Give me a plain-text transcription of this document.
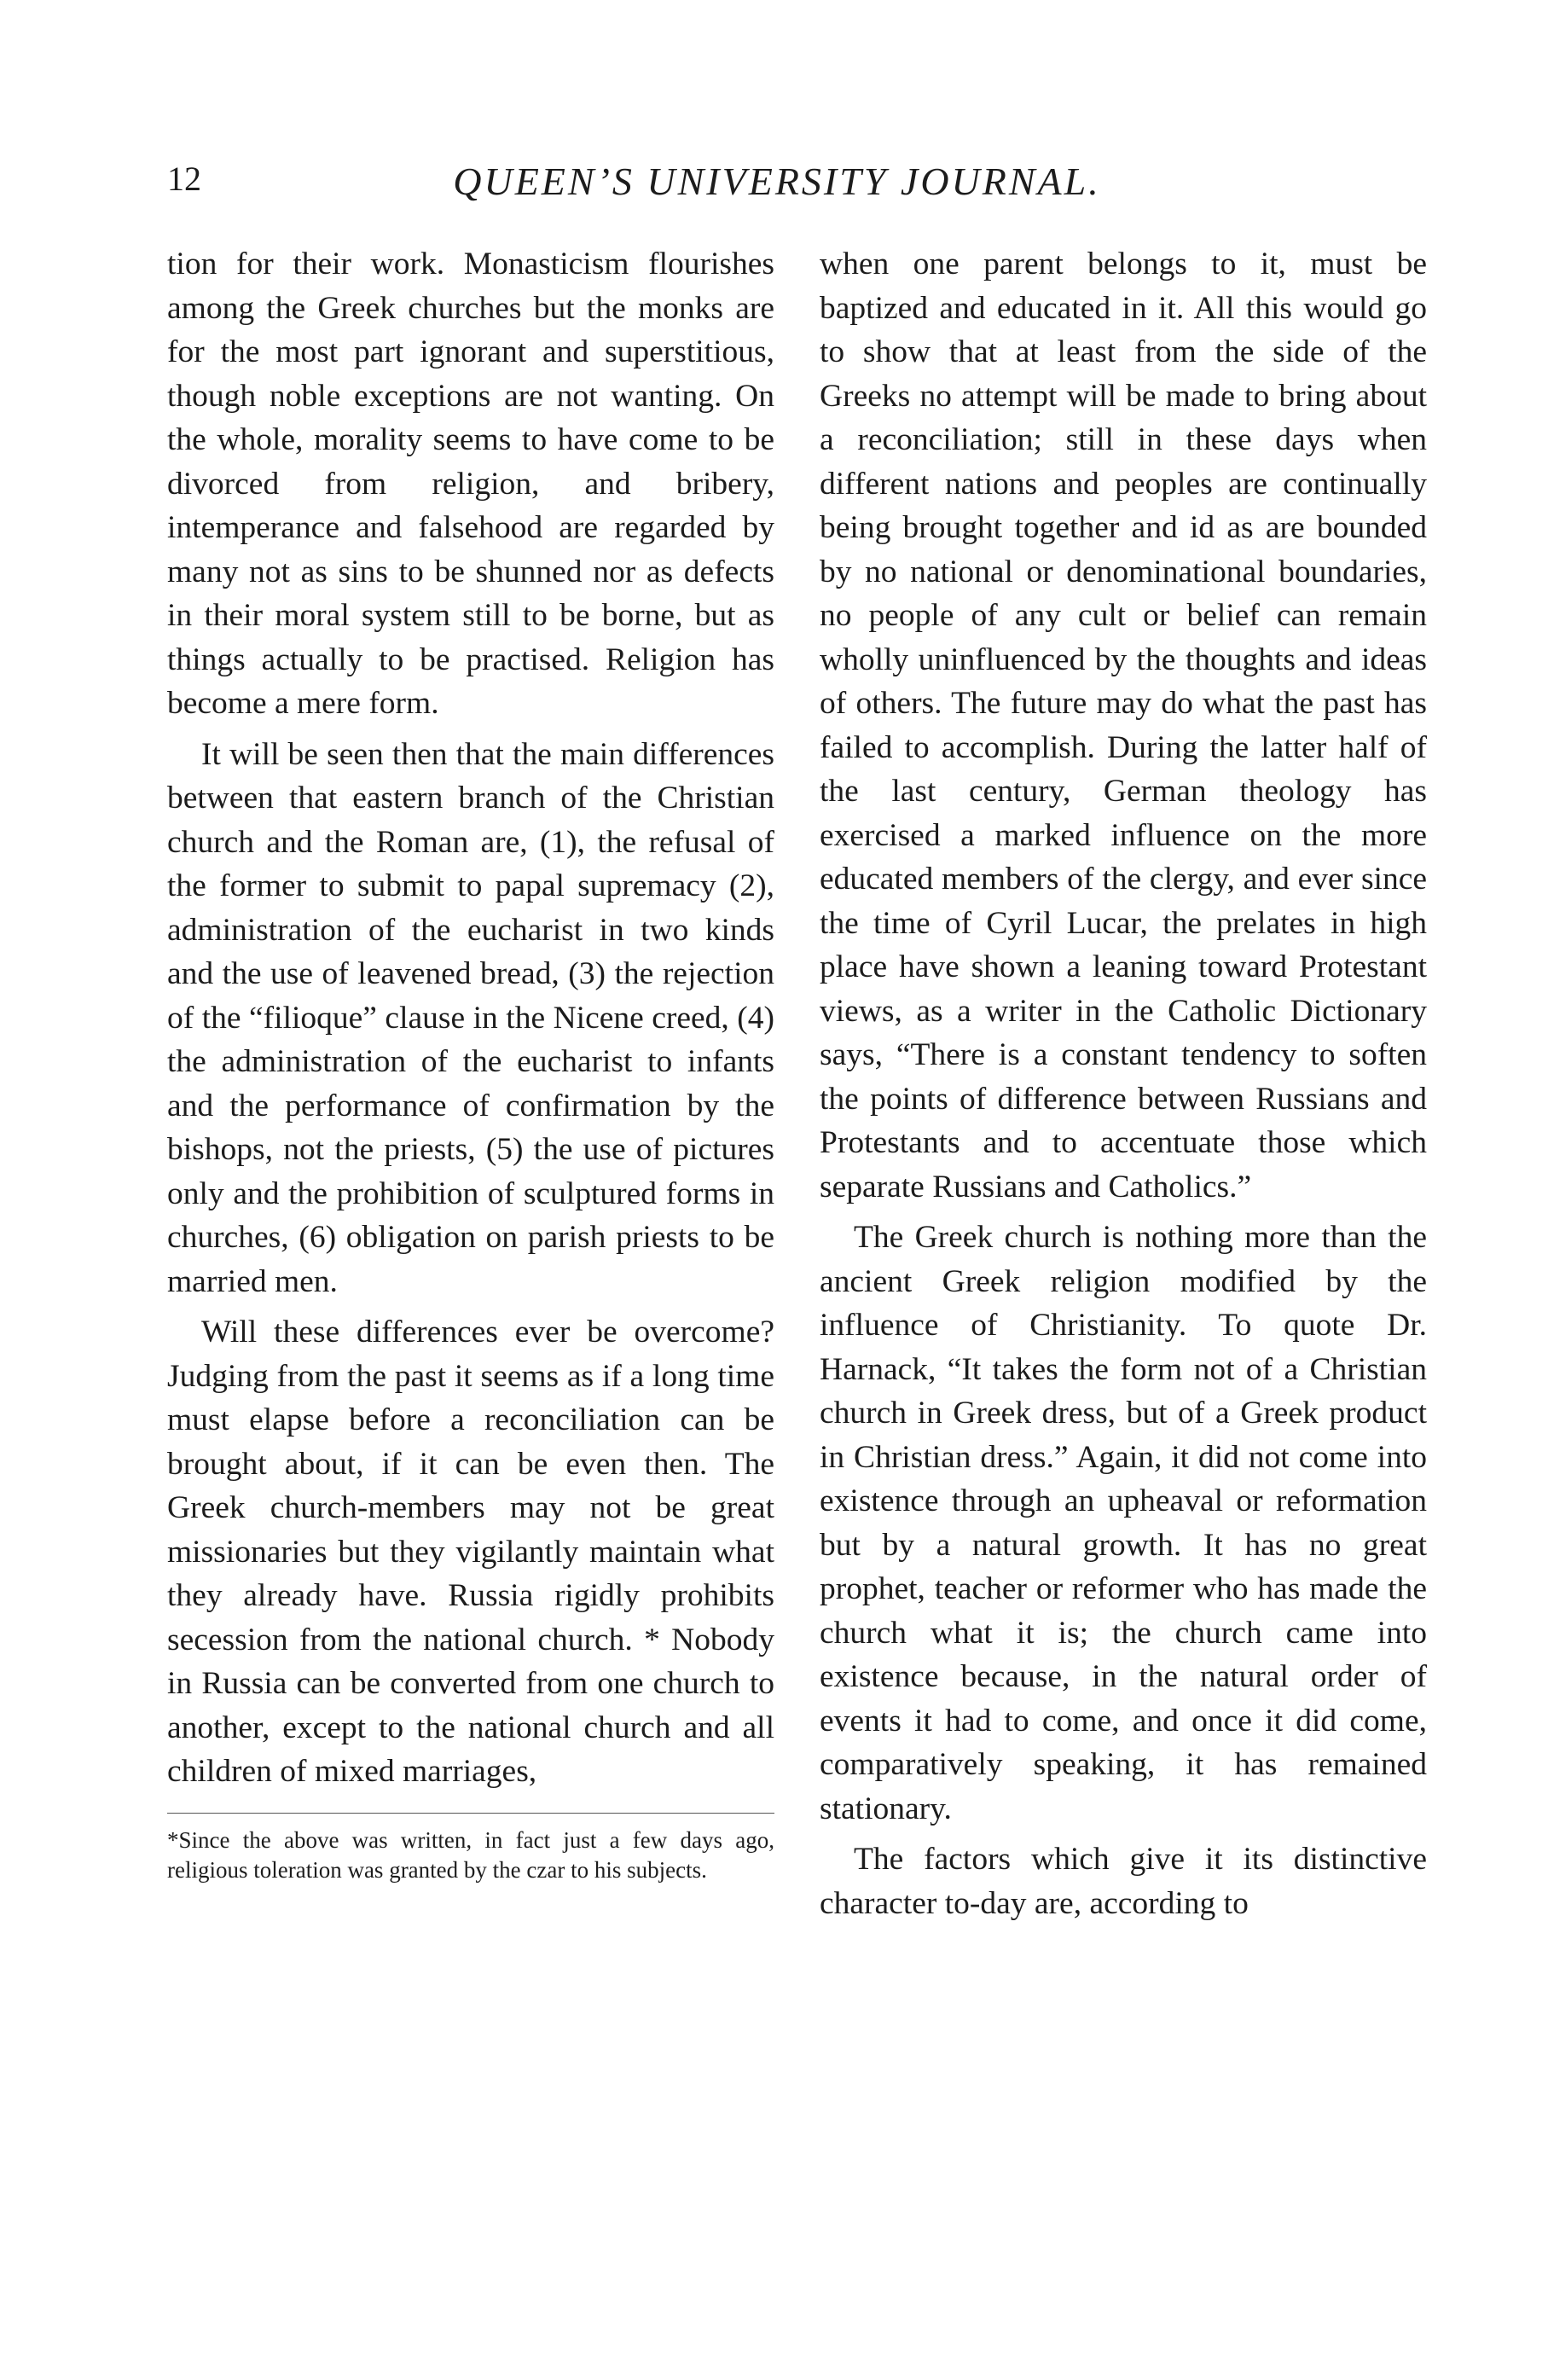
12	QUEEN’S UNIVERSITY JOURNAL.

tion for their work. Monasticism flourishes among the Greek churches but the monks are for the most part ignorant and superstitious, though noble exceptions are not wanting. On the whole, morality seems to have come to be divorced from religion, and bribery, intemperance and falsehood are regarded by many not as sins to be shunned nor as defects in their moral system still to be borne, but as things actually to be practised. Religion has become a mere form.

It will be seen then that the main differences between that eastern branch of the Christian church and the Roman are, (1), the refusal of the former to submit to papal supremacy (2), administration of the eucharist in two kinds and the use of leavened bread, (3) the rejection of the “filioque” clause in the Nicene creed, (4) the administration of the eucharist to infants and the performance of confirmation by the bishops, not the priests, (5) the use of pictures only and the prohibition of sculptured forms in churches, (6) obligation on parish priests to be married men.

Will these differences ever be overcome? Judging from the past it seems as if a long time must elapse before a reconciliation can be brought about, if it can be even then. The Greek church-members may not be great missionaries but they vigilantly maintain what they already have. Russia rigidly prohibits secession from the national church. * Nobody in Russia can be converted from one church to another, except to the national church and all children of mixed marriages,

*Since the above was written, in fact just a few days ago, religious toleration was granted by the czar to his subjects.

when one parent belongs to it, must be baptized and educated in it. All this would go to show that at least from the side of the Greeks no attempt will be made to bring about a reconciliation; still in these days when different nations and peoples are continually being brought together and id as are bounded by no national or denominational boundaries, no people of any cult or belief can remain wholly uninfluenced by the thoughts and ideas of others. The future may do what the past has failed to accomplish. During the latter half of the last century, German theology has exercised a marked influence on the more educated members of the clergy, and ever since the time of Cyril Lucar, the prelates in high place have shown a leaning toward Protestant views, as a writer in the Catholic Dictionary says, “There is a constant tendency to soften the points of difference between Russians and Protestants and to accentuate those which separate Russians and Catholics.”

The Greek church is nothing more than the ancient Greek religion modified by the influence of Christianity. To quote Dr. Harnack, “It takes the form not of a Christian church in Greek dress, but of a Greek product in Christian dress.” Again, it did not come into existence through an upheaval or reformation but by a natural growth. It has no great prophet, teacher or reformer who has made the church what it is; the church came into existence because, in the natural order of events it had to come, and once it did come, comparatively speaking, it has remained stationary.

The factors which give it its distinctive character to-day are, according to
